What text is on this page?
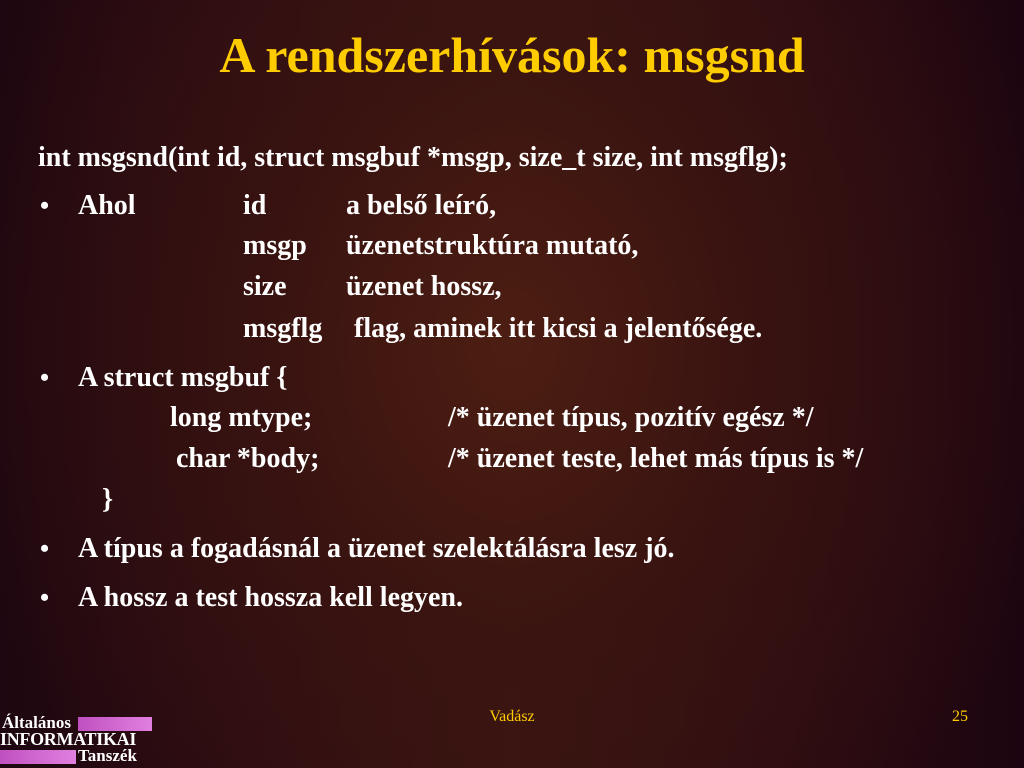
A rendszerhívások: msgsnd
int msgsnd(int id, struct msgbuf *msgp, size_t size, int msgflg);
• Ahol	id	a belső leíró,
msgp üzenetstruktúra mutató,
size üzenet hossz,
msgflg flag, aminek itt kicsi a jelentősége.
• A struct msgbuf {
long mtype;	/* üzenet típus, pozitív egész */
char *body;	/* üzenet teste, lehet más típus is */
}
• A típus a fogadásnál a üzenet szelektálásra lesz jó.
• A hossz a test hossza kell legyen.
Vadász	25
Általános
INFORMATIKAI
Tanszék
